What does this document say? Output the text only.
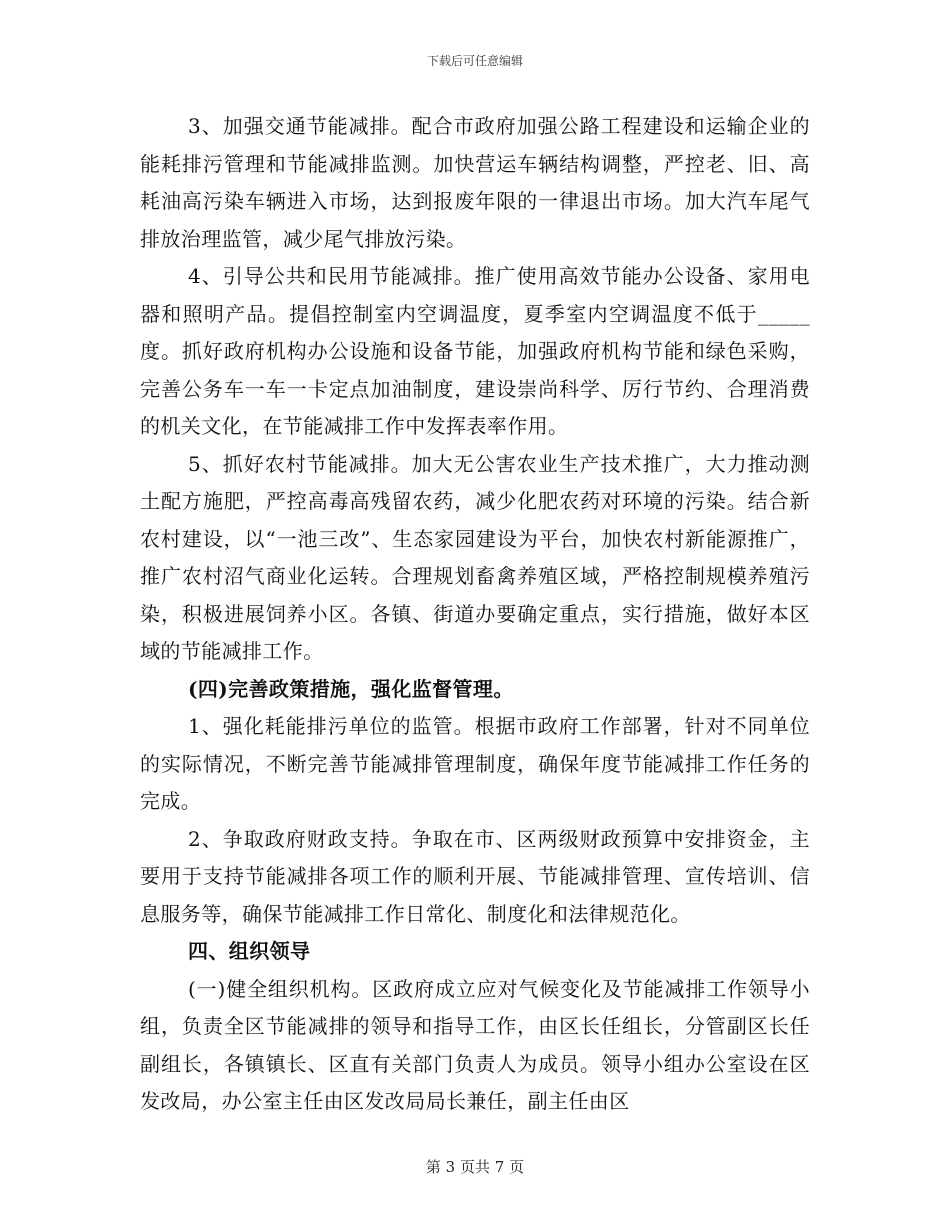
下载后可任意编辑

3、加强交通节能减排。配合市政府加强公路工程建设和运输企业的能耗排污管理和节能减排监测。加快营运车辆结构调整，严控老、旧、高耗油高污染车辆进入市场，达到报废年限的一律退出市场。加大汽车尾气排放治理监管，减少尾气排放污染。

4、引导公共和民用节能减排。推广使用高效节能办公设备、家用电器和照明产品。提倡控制室内空调温度，夏季室内空调温度不低于_____度。抓好政府机构办公设施和设备节能，加强政府机构节能和绿色采购，完善公务车一车一卡定点加油制度，建设崇尚科学、厉行节约、合理消费的机关文化，在节能减排工作中发挥表率作用。

5、抓好农村节能减排。加大无公害农业生产技术推广，大力推动测土配方施肥，严控高毒高残留农药，减少化肥农药对环境的污染。结合新农村建设，以“一池三改”、生态家园建设为平台，加快农村新能源推广，推广农村沼气商业化运转。合理规划畜禽养殖区域，严格控制规模养殖污染，积极进展饲养小区。各镇、街道办要确定重点，实行措施，做好本区域的节能减排工作。

(四)完善政策措施，强化监督管理。

1、强化耗能排污单位的监管。根据市政府工作部署，针对不同单位的实际情况，不断完善节能减排管理制度，确保年度节能减排工作任务的完成。

2、争取政府财政支持。争取在市、区两级财政预算中安排资金，主要用于支持节能减排各项工作的顺利开展、节能减排管理、宣传培训、信息服务等，确保节能减排工作日常化、制度化和法律规范化。

四、组织领导

(一)健全组织机构。区政府成立应对气候变化及节能减排工作领导小组，负责全区节能减排的领导和指导工作，由区长任组长，分管副区长任副组长，各镇镇长、区直有关部门负责人为成员。领导小组办公室设在区发改局，办公室主任由区发改局局长兼任，副主任由区

第 3 页共 7 页
